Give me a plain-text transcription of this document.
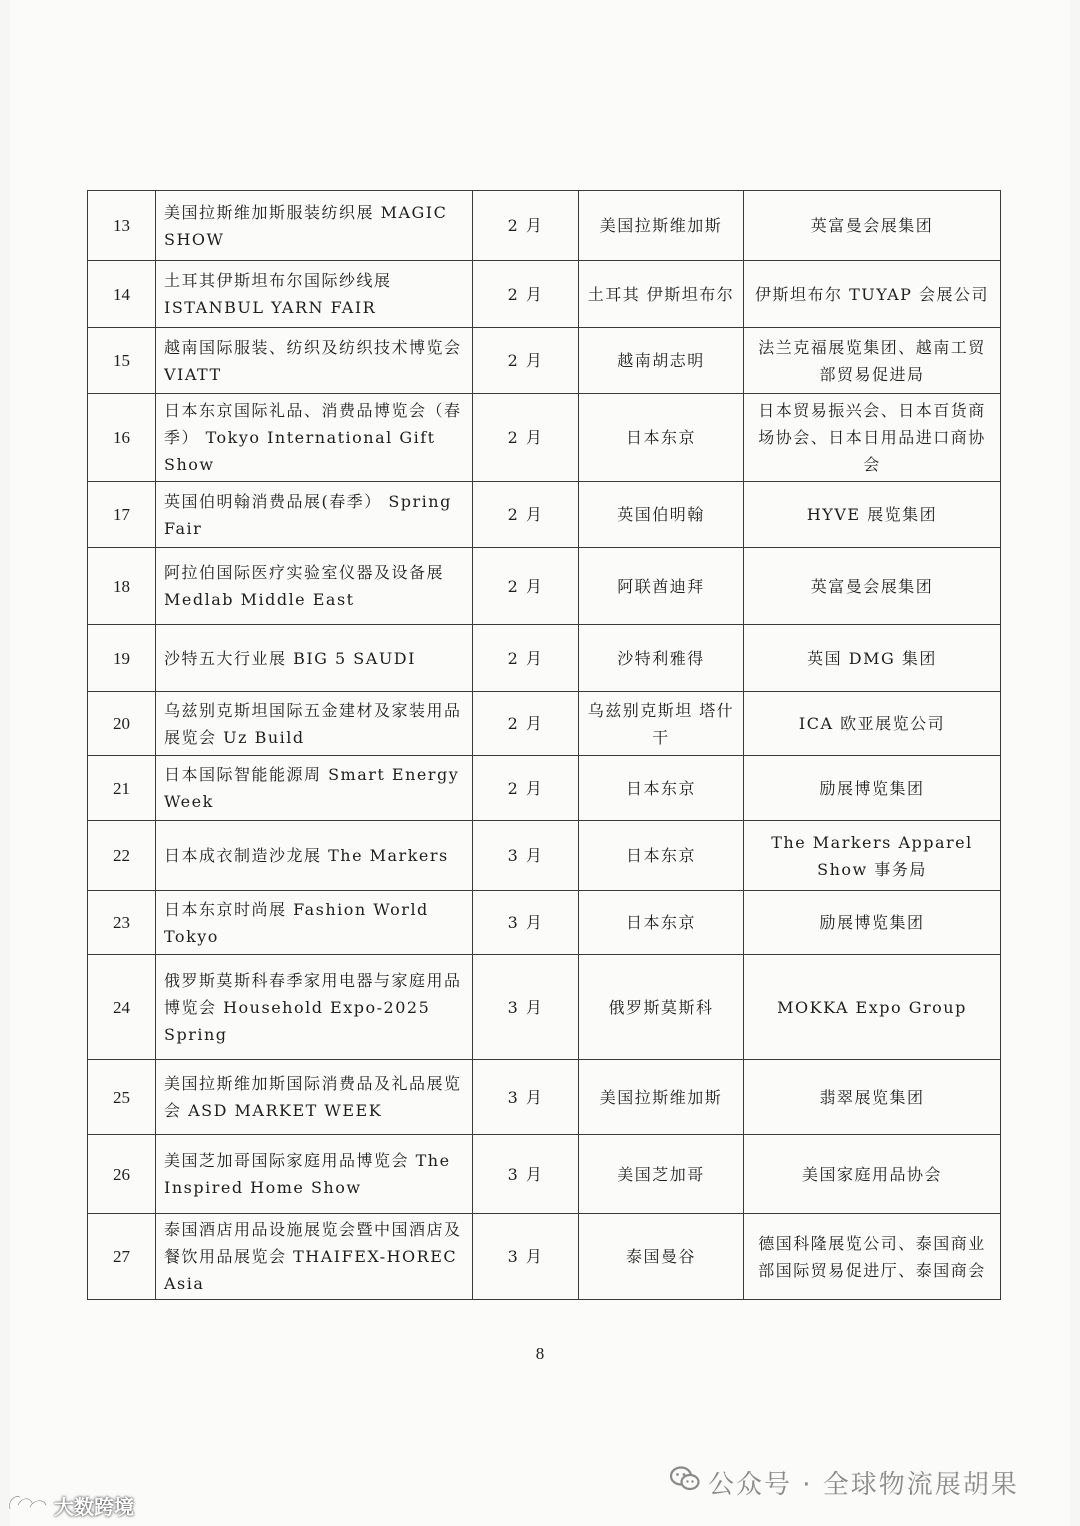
13	美国拉斯维加斯服装纺织展 MAGIC SHOW	2 月	美国拉斯维加斯	英富曼会展集团
14	土耳其伊斯坦布尔国际纱线展 ISTANBUL YARN FAIR	2 月	土耳其 伊斯坦布尔	伊斯坦布尔 TUYAP 会展公司
15	越南国际服装、纺织及纺织技术博览会 VIATT	2 月	越南胡志明	法兰克福展览集团、越南工贸部贸易促进局
16	日本东京国际礼品、消费品博览会（春季） Tokyo International Gift Show	2 月	日本东京	日本贸易振兴会、日本百货商场协会、日本日用品进口商协会
17	英国伯明翰消费品展(春季） Spring Fair	2 月	英国伯明翰	HYVE 展览集团
18	阿拉伯国际医疗实验室仪器及设备展 Medlab Middle East	2 月	阿联酋迪拜	英富曼会展集团
19	沙特五大行业展 BIG 5 SAUDI	2 月	沙特利雅得	英国 DMG 集团
20	乌兹别克斯坦国际五金建材及家装用品展览会 Uz Build	2 月	乌兹别克斯坦 塔什干	ICA 欧亚展览公司
21	日本国际智能能源周 Smart Energy Week	2 月	日本东京	励展博览集团
22	日本成衣制造沙龙展 The Markers	3 月	日本东京	The Markers Apparel Show 事务局
23	日本东京时尚展 Fashion World Tokyo	3 月	日本东京	励展博览集团
24	俄罗斯莫斯科春季家用电器与家庭用品博览会 Household Expo-2025 Spring	3 月	俄罗斯莫斯科	MOKKA Expo Group
25	美国拉斯维加斯国际消费品及礼品展览会 ASD MARKET WEEK	3 月	美国拉斯维加斯	翡翠展览集团
26	美国芝加哥国际家庭用品博览会 The Inspired Home Show	3 月	美国芝加哥	美国家庭用品协会
27	泰国酒店用品设施展览会暨中国酒店及餐饮用品展览会 THAIFEX-HOREC Asia	3 月	泰国曼谷	德国科隆展览公司、泰国商业部国际贸易促进厅、泰国商会
8
公众号 · 全球物流展胡果
大数跨境
